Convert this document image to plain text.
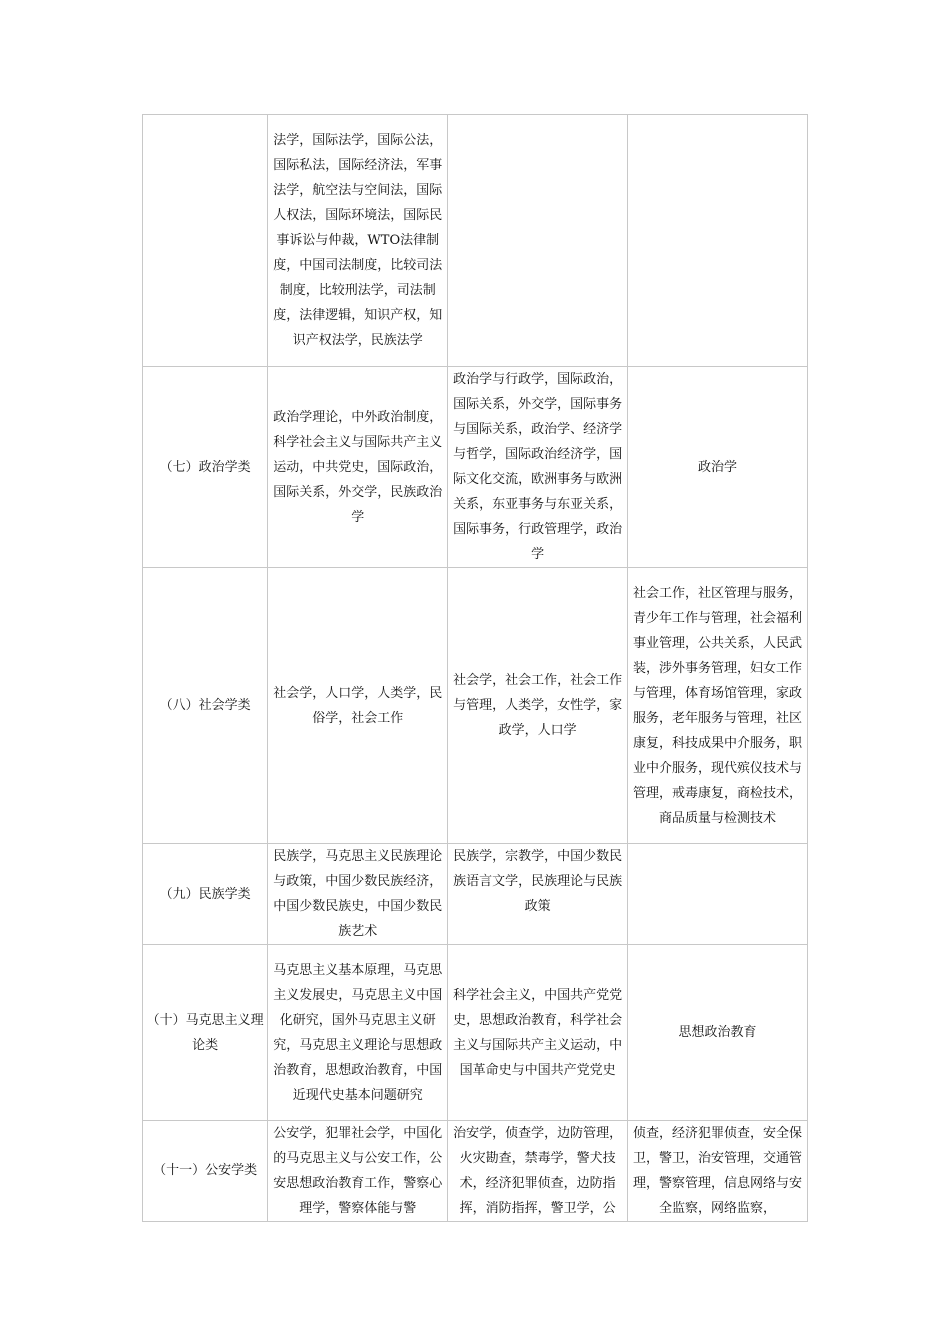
	法学，国际法学，国际公法，国际私法，国际经济法，军事法学，航空法与空间法，国际人权法，国际环境法，国际民事诉讼与仲裁，WTO法律制度，中国司法制度，比较司法制度，比较刑法学，司法制度，法律逻辑，知识产权，知识产权法学，民族法学		
（七）政治学类	政治学理论，中外政治制度，科学社会主义与国际共产主义运动，中共党史，国际政治，国际关系，外交学，民族政治学	政治学与行政学，国际政治，国际关系，外交学，国际事务与国际关系，政治学、经济学与哲学，国际政治经济学，国际文化交流，欧洲事务与欧洲关系，东亚事务与东亚关系，国际事务，行政管理学，政治学	政治学
（八）社会学类	社会学，人口学，人类学，民俗学，社会工作	社会学，社会工作，社会工作与管理，人类学，女性学，家政学，人口学	社会工作，社区管理与服务，青少年工作与管理，社会福利事业管理，公共关系，人民武装，涉外事务管理，妇女工作与管理，体育场馆管理，家政服务，老年服务与管理，社区康复，科技成果中介服务，职业中介服务，现代殡仪技术与管理，戒毒康复，商检技术，商品质量与检测技术
（九）民族学类	民族学，马克思主义民族理论与政策，中国少数民族经济，中国少数民族史，中国少数民族艺术	民族学，宗教学，中国少数民族语言文学，民族理论与民族政策	
（十）马克思主义理论类	马克思主义基本原理，马克思主义发展史，马克思主义中国化研究，国外马克思主义研究，马克思主义理论与思想政治教育，思想政治教育，中国近现代史基本问题研究	科学社会主义，中国共产党党史，思想政治教育，科学社会主义与国际共产主义运动，中国革命史与中国共产党党史	思想政治教育

（十一）公安学类	公安学，犯罪社会学，中国化的马克思主义与公安工作，公安思想政治教育工作，警察心理学，警察体能与警	治安学，侦查学，边防管理，火灾勘查，禁毒学，警犬技术，经济犯罪侦查，边防指挥，消防指挥，警卫学，公	侦查，经济犯罪侦查，安全保卫，警卫，治安管理，交通管理，警察管理，信息网络与安全监察，网络监察，
